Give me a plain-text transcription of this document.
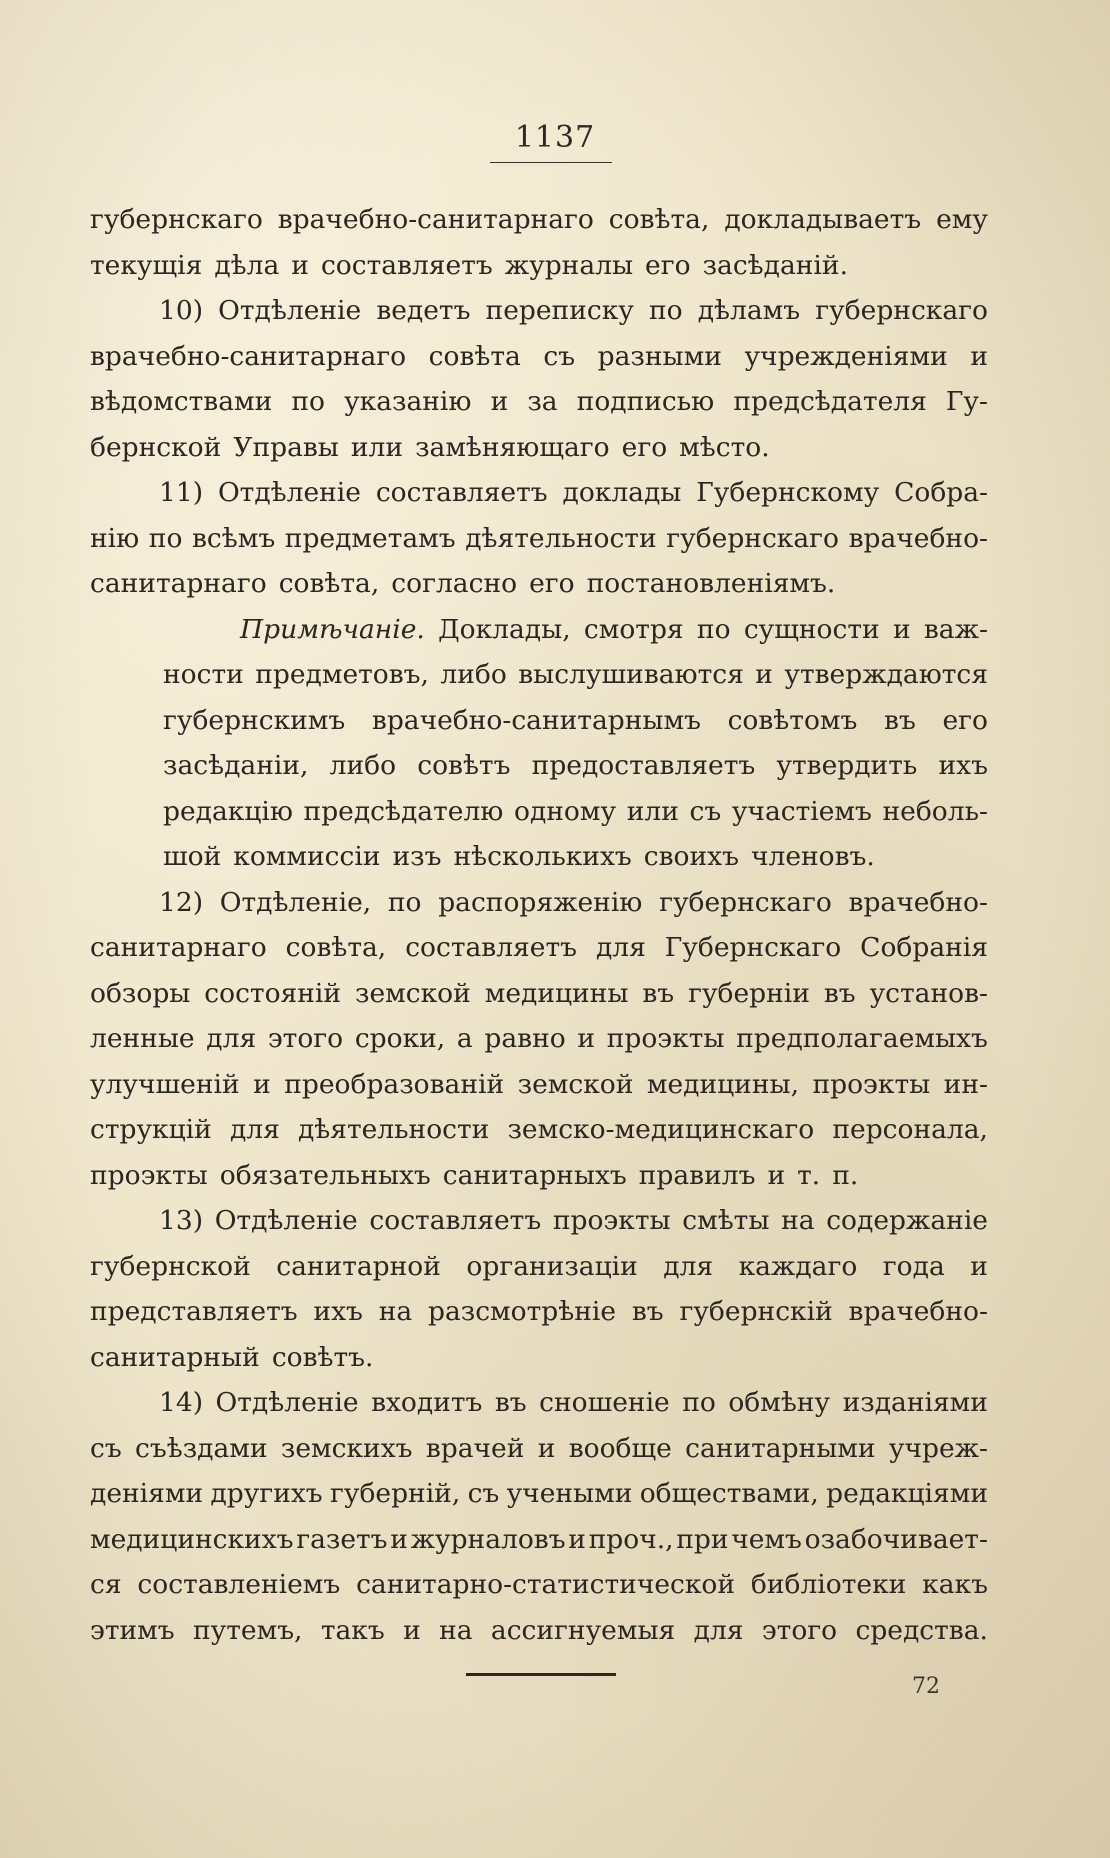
1137
губернскаго врачебно-санитарнаго совѣта, докладываетъ ему
текущія дѣла и составляетъ журналы его засѣданій.
10) Отдѣленіе ведетъ переписку по дѣламъ губернскаго
врачебно-санитарнаго совѣта съ разными учрежденіями и
вѣдомствами по указанію и за подписью предсѣдателя Гу-
бернской Управы или замѣняющаго его мѣсто.
11) Отдѣленіе составляетъ доклады Губернскому Собра-
нію по всѣмъ предметамъ дѣятельности губернскаго врачебно-
санитарнаго совѣта, согласно его постановленіямъ.
Примѣчаніе. Доклады, смотря по сущности и важ-
ности предметовъ, либо выслушиваются и утверждаются
губернскимъ врачебно-санитарнымъ совѣтомъ въ его
засѣданіи, либо совѣтъ предоставляетъ утвердить ихъ
редакцію предсѣдателю одному или съ участіемъ неболь-
шой коммиссіи изъ нѣсколькихъ своихъ членовъ.
12) Отдѣленіе, по распоряженію губернскаго врачебно-
санитарнаго совѣта, составляетъ для Губернскаго Собранія
обзоры состояній земской медицины въ губерніи въ установ-
ленные для этого сроки, а равно и проэкты предполагаемыхъ
улучшеній и преобразованій земской медицины, проэкты ин-
струкцій для дѣятельности земско-медицинскаго персонала,
проэкты обязательныхъ санитарныхъ правилъ и т. п.
13) Отдѣленіе составляетъ проэкты смѣты на содержаніе
губернской санитарной организаціи для каждаго года и
представляетъ ихъ на разсмотрѣніе въ губернскій врачебно-
санитарный совѣтъ.
14) Отдѣленіе входитъ въ сношеніе по обмѣну изданіями
съ съѣздами земскихъ врачей и вообще санитарными учреж-
деніями другихъ губерній, съ учеными обществами, редакціями
медицинскихъ газетъ и журналовъ и проч., при чемъ озабочивает-
ся составленіемъ санитарно-статистической библіотеки какъ
этимъ путемъ, такъ и на ассигнуемыя для этого средства.
72
